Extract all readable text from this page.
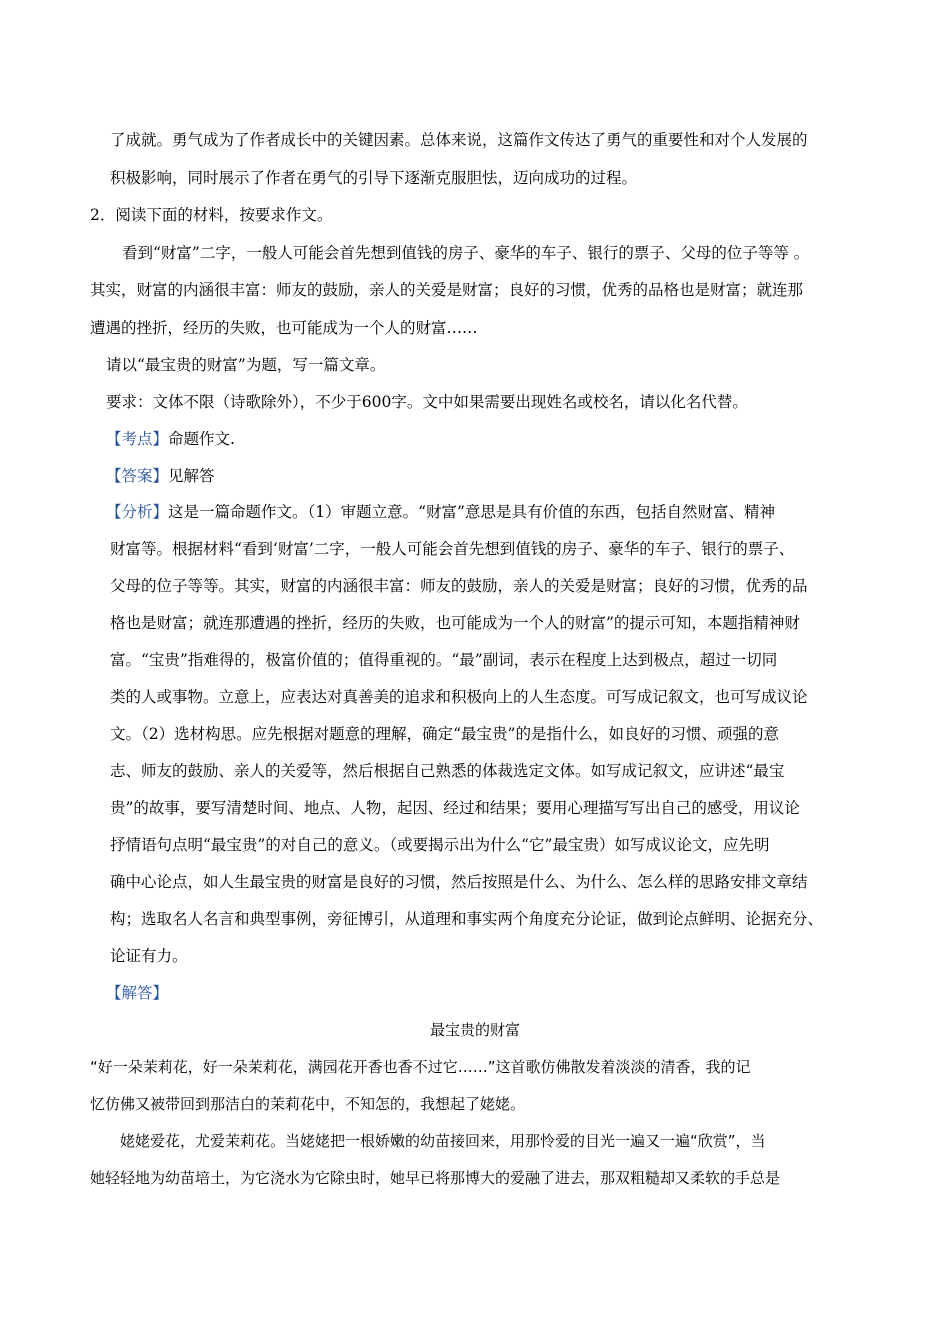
了成就。勇气成为了作者成长中的关键因素。总体来说，这篇作文传达了勇气的重要性和对个人发展的
积极影响，同时展示了作者在勇气的引导下逐渐克服胆怯，迈向成功的过程。
2．阅读下面的材料，按要求作文。
看到“财富”二字，一般人可能会首先想到值钱的房子、豪华的车子、银行的票子、父母的位子等等 。
其实，财富的内涵很丰富：师友的鼓励，亲人的关爱是财富；良好的习惯，优秀的品格也是财富；就连那
遭遇的挫折，经历的失败，也可能成为一个人的财富……
请以“最宝贵的财富”为题，写一篇文章。
要求：文体不限（诗歌除外），不少于600字。文中如果需要出现姓名或校名，请以化名代替。
【考点】命题作文.
【答案】见解答
【分析】这是一篇命题作文。（1）审题立意。“财富”意思是具有价值的东西，包括自然财富、精神
财富等。根据材料“看到‘财富’二字，一般人可能会首先想到值钱的房子、豪华的车子、银行的票子、
父母的位子等等。其实，财富的内涵很丰富：师友的鼓励，亲人的关爱是财富；良好的习惯，优秀的品
格也是财富；就连那遭遇的挫折，经历的失败，也可能成为一个人的财富”的提示可知，本题指精神财
富。“宝贵”指难得的，极富价值的；值得重视的。“最”副词，表示在程度上达到极点，超过一切同
类的人或事物。立意上，应表达对真善美的追求和积极向上的人生态度。可写成记叙文，也可写成议论
文。（2）选材构思。应先根据对题意的理解，确定“最宝贵”的是指什么，如良好的习惯、顽强的意
志、师友的鼓励、亲人的关爱等，然后根据自己熟悉的体裁选定文体。如写成记叙文，应讲述“最宝
贵”的故事，要写清楚时间、地点、人物，起因、经过和结果；要用心理描写写出自己的感受，用议论
抒情语句点明“最宝贵”的对自己的意义。（或要揭示出为什么“它”最宝贵）如写成议论文，应先明
确中心论点，如人生最宝贵的财富是良好的习惯，然后按照是什么、为什么、怎么样的思路安排文章结
构；选取名人名言和典型事例，旁征博引，从道理和事实两个角度充分论证，做到论点鲜明、论据充分、
论证有力。
【解答】
最宝贵的财富
“好一朵茉莉花，好一朵茉莉花，满园花开香也香不过它……”这首歌仿佛散发着淡淡的清香，我的记
忆仿佛又被带回到那洁白的茉莉花中，不知怎的，我想起了姥姥。
姥姥爱花，尤爱茉莉花。当姥姥把一根娇嫩的幼苗接回来，用那怜爱的目光一遍又一遍“欣赏”，当
她轻轻地为幼苗培土，为它浇水为它除虫时，她早已将那博大的爱融了进去，那双粗糙却又柔软的手总是
